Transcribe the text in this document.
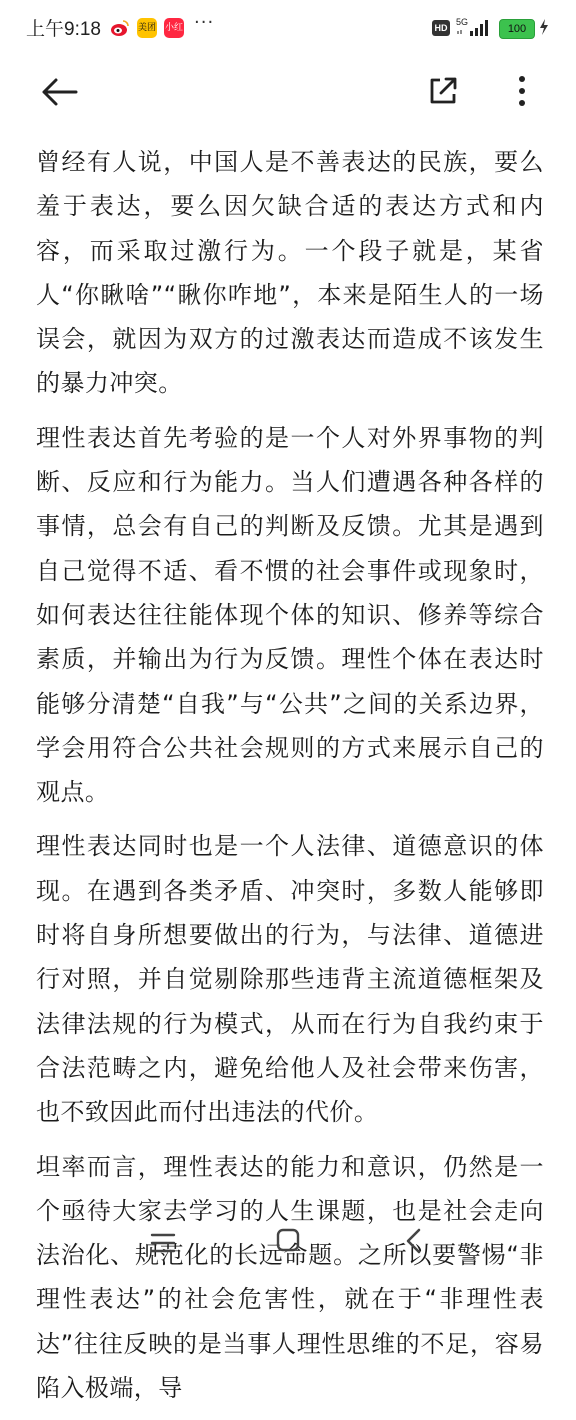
上午9:18	美团 小红书
···	HD
5G
100

曾经有人说，中国人是不善表达的民族，要么羞于表达，要么因欠缺合适的表达方式和内容，而采取过激行为。一个段子就是，某省人“你瞅啥”“瞅你咋地”，本来是陌生人的一场误会，就因为双方的过激表达而造成不该发生的暴力冲突。

理性表达首先考验的是一个人对外界事物的判断、反应和行为能力。当人们遭遇各种各样的事情，总会有自己的判断及反馈。尤其是遇到自己觉得不适、看不惯的社会事件或现象时，如何表达往往能体现个体的知识、修养等综合素质，并输出为行为反馈。理性个体在表达时能够分清楚“自我”与“公共”之间的关系边界，学会用符合公共社会规则的方式来展示自己的观点。

理性表达同时也是一个人法律、道德意识的体现。在遇到各类矛盾、冲突时，多数人能够即时将自身所想要做出的行为，与法律、道德进行对照，并自觉剔除那些违背主流道德框架及法律法规的行为模式，从而在行为自我约束于合法范畴之内，避免给他人及社会带来伤害，也不致因此而付出违法的代价。

坦率而言，理性表达的能力和意识，仍然是一个亟待大家去学习的人生课题，也是社会走向法治化、规范化的长远命题。之所以要警惕“非理性表达”的社会危害性，就在于“非理性表达”往往反映的是当事人理性思维的不足，容易陷入极端，导
